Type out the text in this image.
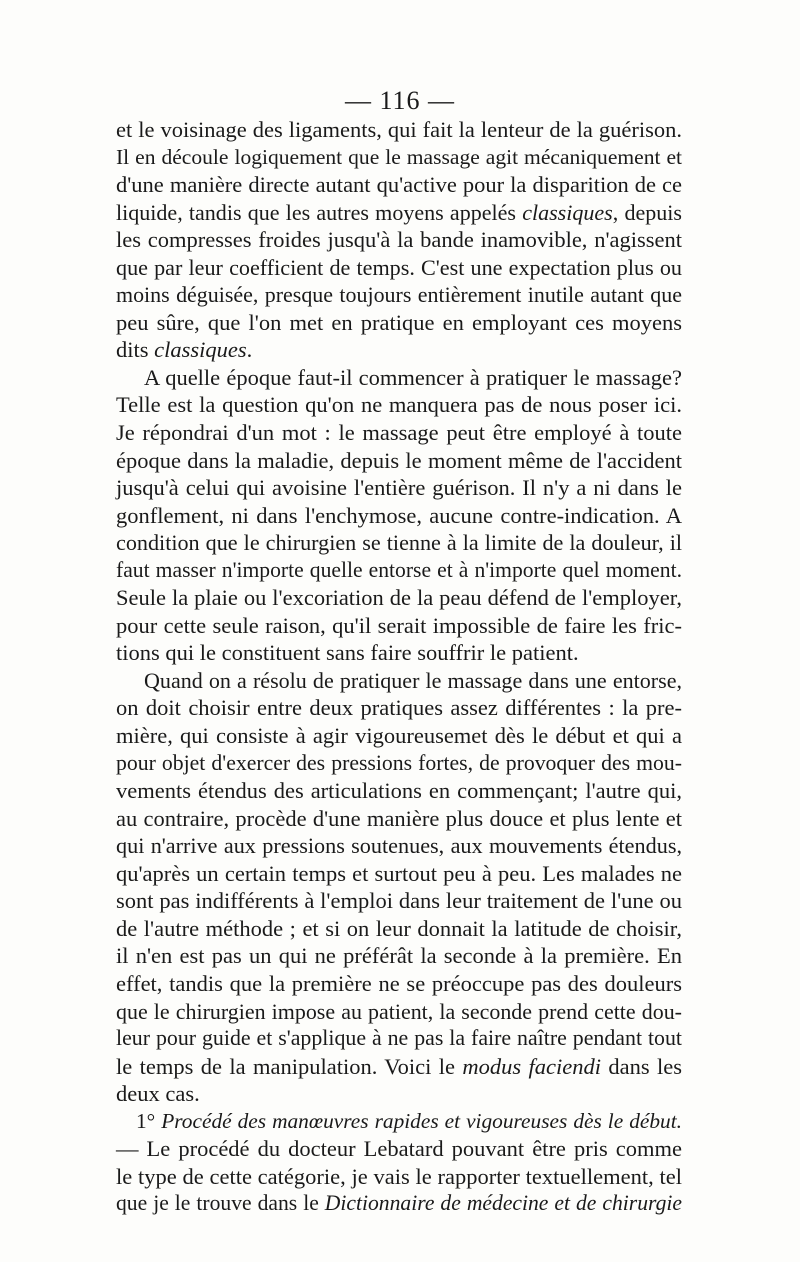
— 116 —
et le voisinage des ligaments, qui fait la lenteur de la guérison.
Il en découle logiquement que le massage agit mécaniquement et
d'une manière directe autant qu'active pour la disparition de ce
liquide, tandis que les autres moyens appelés classiques, depuis
les compresses froides jusqu'à la bande inamovible, n'agissent
que par leur coefficient de temps. C'est une expectation plus ou
moins déguisée, presque toujours entièrement inutile autant que
peu sûre, que l'on met en pratique en employant ces moyens
dits classiques.
A quelle époque faut-il commencer à pratiquer le massage?
Telle est la question qu'on ne manquera pas de nous poser ici.
Je répondrai d'un mot : le massage peut être employé à toute
époque dans la maladie, depuis le moment même de l'accident
jusqu'à celui qui avoisine l'entière guérison. Il n'y a ni dans le
gonflement, ni dans l'enchymose, aucune contre-indication. A
condition que le chirurgien se tienne à la limite de la douleur, il
faut masser n'importe quelle entorse et à n'importe quel moment.
Seule la plaie ou l'excoriation de la peau défend de l'employer,
pour cette seule raison, qu'il serait impossible de faire les fric-
tions qui le constituent sans faire souffrir le patient.
Quand on a résolu de pratiquer le massage dans une entorse,
on doit choisir entre deux pratiques assez différentes : la pre-
mière, qui consiste à agir vigoureusemet dès le début et qui a
pour objet d'exercer des pressions fortes, de provoquer des mou-
vements étendus des articulations en commençant; l'autre qui,
au contraire, procède d'une manière plus douce et plus lente et
qui n'arrive aux pressions soutenues, aux mouvements étendus,
qu'après un certain temps et surtout peu à peu. Les malades ne
sont pas indifférents à l'emploi dans leur traitement de l'une ou
de l'autre méthode ; et si on leur donnait la latitude de choisir,
il n'en est pas un qui ne préférât la seconde à la première. En
effet, tandis que la première ne se préoccupe pas des douleurs
que le chirurgien impose au patient, la seconde prend cette dou-
leur pour guide et s'applique à ne pas la faire naître pendant tout
le temps de la manipulation. Voici le modus faciendi dans les
deux cas.
1° Procédé des manœuvres rapides et vigoureuses dès le début.
— Le procédé du docteur Lebatard pouvant être pris comme
le type de cette catégorie, je vais le rapporter textuellement, tel
que je le trouve dans le Dictionnaire de médecine et de chirurgie
